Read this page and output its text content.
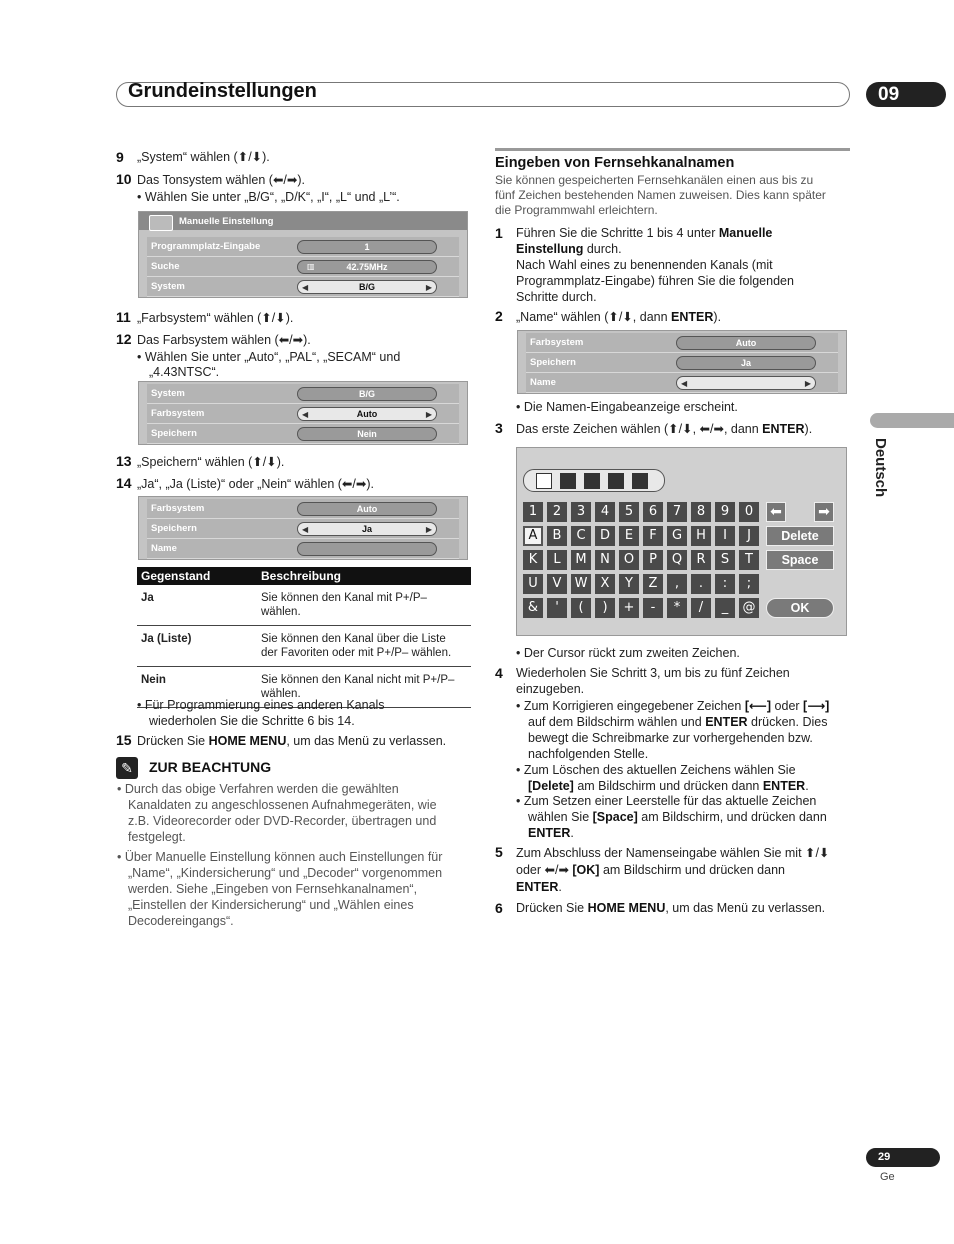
Grundeinstellungen	09
Deutsch
9 „System“ wählen (⬆/⬇).
10 Das Tonsystem wählen (⬅/➡).
• Wählen Sie unter „B/G“, „D/K“, „I“, „L“ und „L’“.
Manuelle Einstellung
Programmplatz-Eingabe	1
Suche	▥	42.75MHz
System	◀	B/G	▶
11 „Farbsystem“ wählen (⬆/⬇).
12 Das Farbsystem wählen (⬅/➡).
• Wählen Sie unter „Auto“, „PAL“, „SECAM“ und
„4.43NTSC“.
System	B/G
Farbsystem	◀	Auto	▶
Speichern	Nein
13 „Speichern“ wählen (⬆/⬇).
14 „Ja“, „Ja (Liste)“ oder „Nein“ wählen (⬅/➡).
Farbsystem	Auto
Speichern	◀	Ja	▶
Name
Gegenstand	Beschreibung
Ja	Sie können den Kanal mit P+/P–
wählen.

Ja (Liste)	Sie können den Kanal über die Liste
der Favoriten oder mit P+/P– wählen.

Nein	Sie können den Kanal nicht mit P+/P–
wählen.
• Für Programmierung eines anderen Kanals
wiederholen Sie die Schritte 6 bis 14.
15 Drücken Sie HOME MENU, um das Menü zu verlassen.
✎	ZUR BEACHTUNG
• Durch das obige Verfahren werden die gewählten
Kanaldaten zu angeschlossenen Aufnahmegeräten, wie
z.B. Videorecorder oder DVD-Recorder, übertragen und
festgelegt.
• Über Manuelle Einstellung können auch Einstellungen für
„Name“, „Kindersicherung“ und „Decoder“ vorgenommen
werden. Siehe „Eingeben von Fernsehkanalnamen“,
„Einstellen der Kindersicherung“ und „Wählen eines
Decodereingangs“.
Eingeben von Fernsehkanalnamen
Sie können gespeicherten Fernsehkanälen einen aus bis zu
fünf Zeichen bestehenden Namen zuweisen. Dies kann später
die Programmwahl erleichtern.
1 Führen Sie die Schritte 1 bis 4 unter Manuelle
Einstellung durch.
Nach Wahl eines zu benennenden Kanals (mit
Programmplatz-Eingabe) führen Sie die folgenden
Schritte durch.
2 „Name“ wählen (⬆/⬇, dann ENTER).
Farbsystem	Auto
Speichern	Ja
Name	◀	▶
• Die Namen-Eingabeanzeige erscheint.
3 Das erste Zeichen wählen (⬆/⬇, ⬅/➡, dann ENTER).
1	2	3	4	5	6	7	8	9	0
A	B	C	D	E	F	G	H	I	J
K	L	M	N	O	P	Q	R	S	T
U	V	W	X	Y	Z	,	.	:	;
&	'	(	)	+	-	*	/	_	@
⬅	➡
Delete
Space
OK
• Der Cursor rückt zum zweiten Zeichen.
4 Wiederholen Sie Schritt 3, um bis zu fünf Zeichen
einzugeben.
• Zum Korrigieren eingegebener Zeichen [⟵] oder [⟶]
auf dem Bildschirm wählen und ENTER drücken. Dies
bewegt die Schreibmarke zur vorhergehenden bzw.
nachfolgenden Stelle.
• Zum Löschen des aktuellen Zeichens wählen Sie
[Delete] am Bildschirm und drücken dann ENTER.
• Zum Setzen einer Leerstelle für das aktuelle Zeichen
wählen Sie [Space] am Bildschirm, und drücken dann
ENTER.
5 Zum Abschluss der Namenseingabe wählen Sie mit ⬆/⬇
oder ⬅/➡ [OK] am Bildschirm und drücken dann
ENTER.
6 Drücken Sie HOME MENU, um das Menü zu verlassen.
29
Ge
